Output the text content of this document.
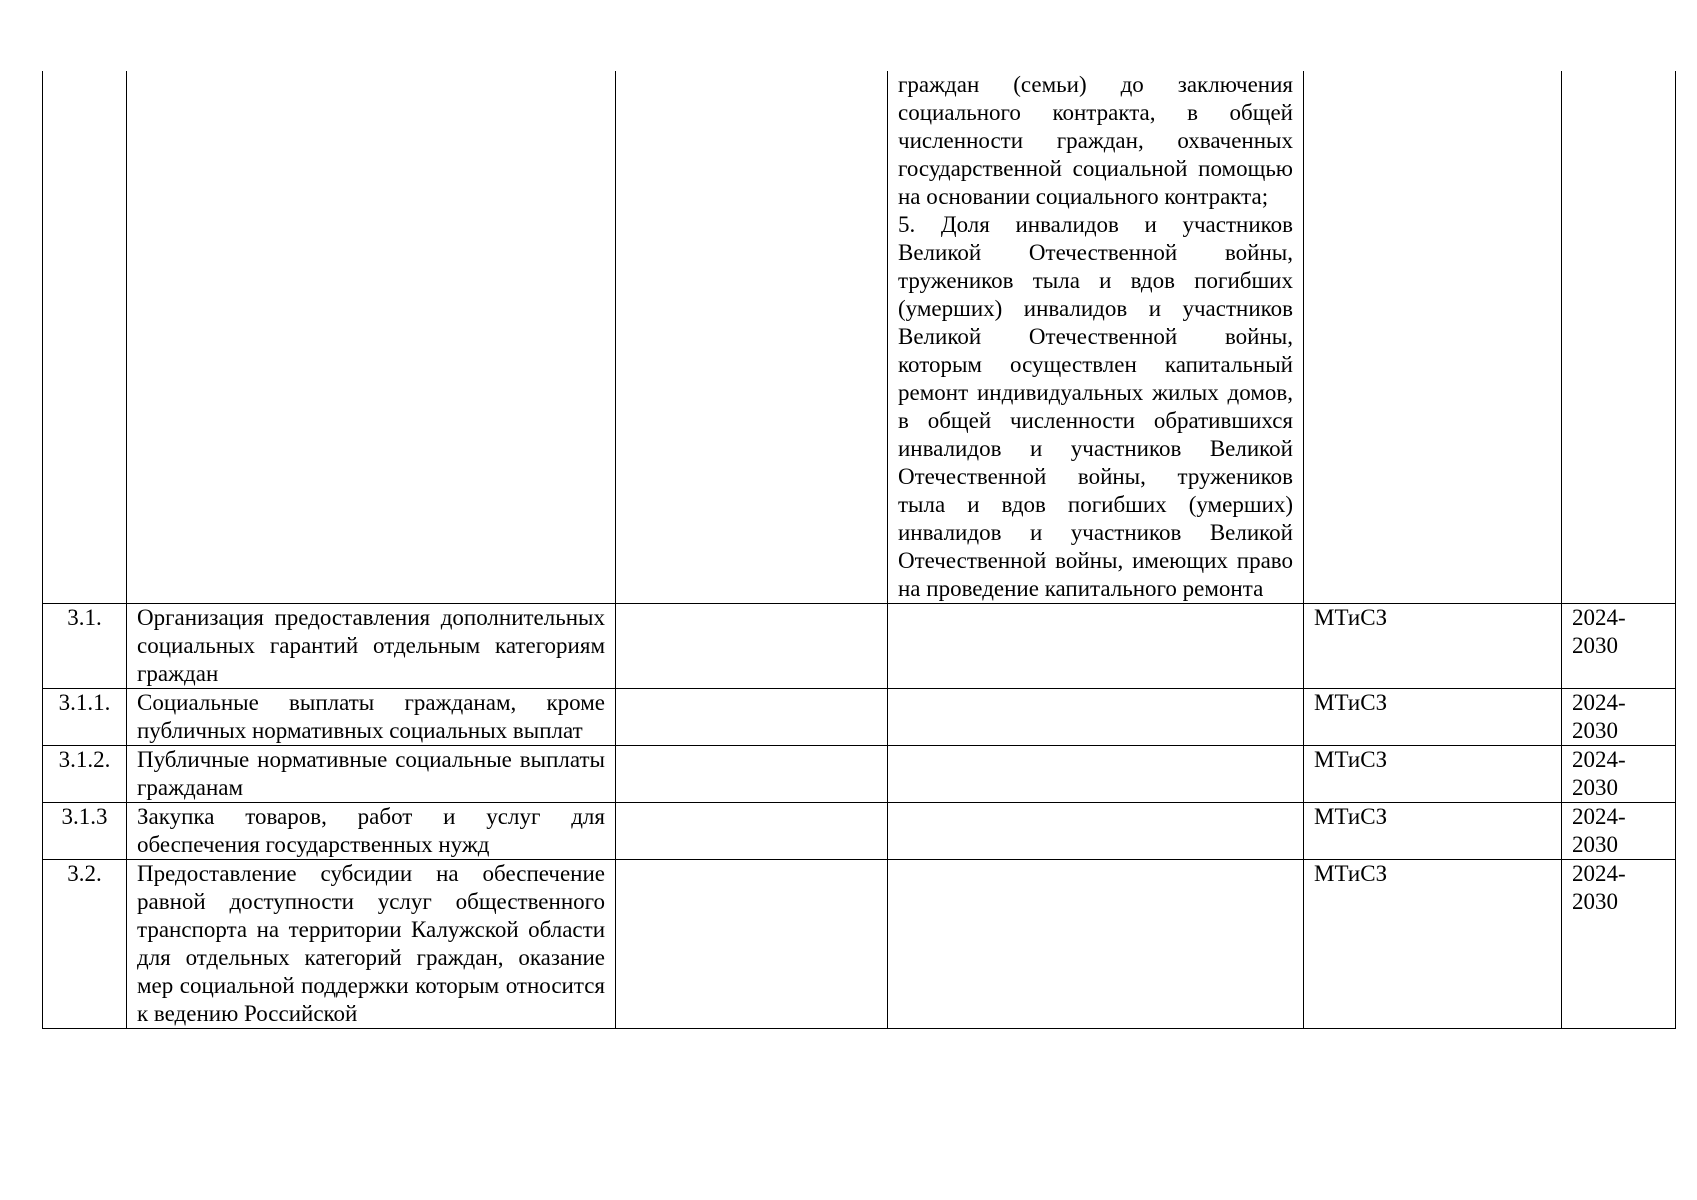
			граждан (семьи) до заключения социального контракта, в общей численности граждан, охваченных государственной социальной помощью на основании социального контракта;

5. Доля инвалидов и участников Великой Отечественной войны, тружеников тыла и вдов погибших (умерших) инвалидов и участников Великой Отечественной войны, которым осуществлен капитальный ремонт индивидуальных жилых домов, в общей численности обратившихся инвалидов и участников Великой Отечественной войны, тружеников тыла и вдов погибших (умерших) инвалидов и участников Великой Отечественной войны, имеющих право на проведение капитального ремонта		

3.1.	Организация предоставления дополнительных социальных гарантий отдельным категориям граждан			МТиСЗ	2024-
2030
3.1.1.	Социальные выплаты гражданам, кроме публичных нормативных социальных выплат			МТиСЗ	2024-
2030
3.1.2.	Публичные нормативные социальные выплаты гражданам			МТиСЗ	2024-
2030
3.1.3	Закупка товаров, работ и услуг для обеспечения государственных нужд			МТиСЗ	2024-
2030

3.2.	Предоставление субсидии на обеспечение равной доступности услуг общественного транспорта на территории Калужской области для отдельных категорий граждан, оказание мер социальной поддержки которым относится к ведению Российской			МТиСЗ	2024-
2030
